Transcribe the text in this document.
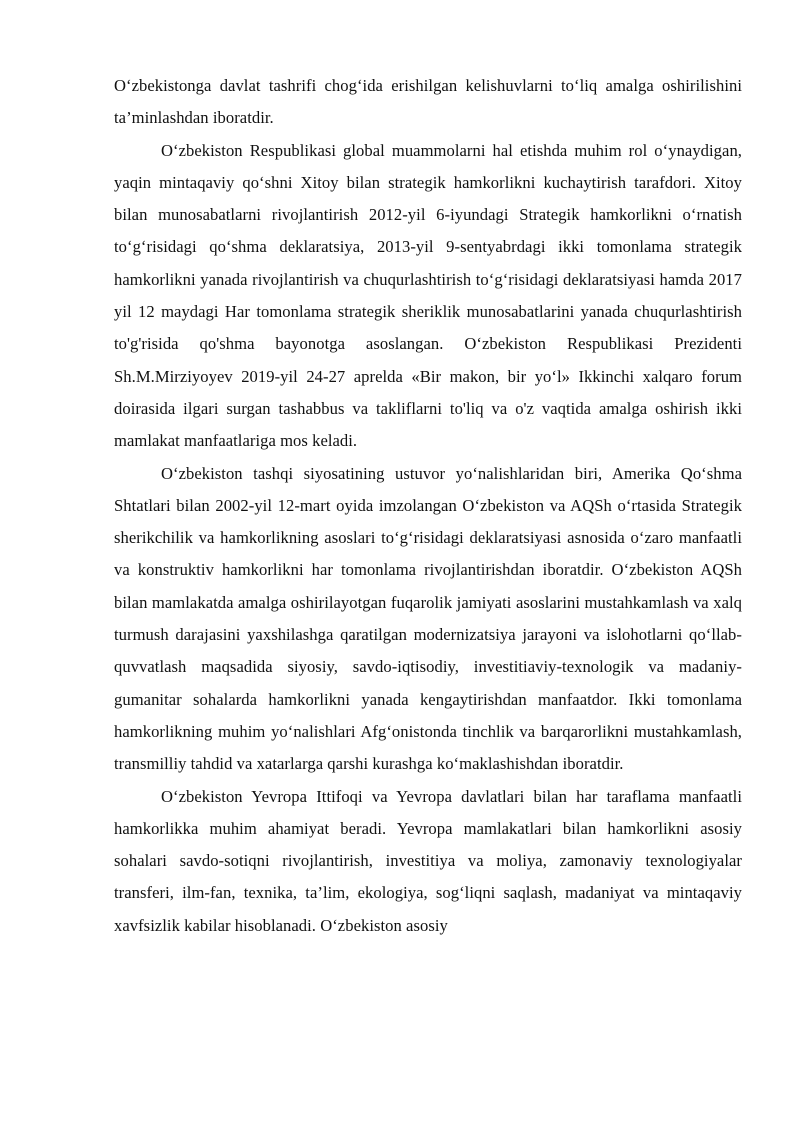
O‘zbekistonga davlat tashrifi chog‘ida erishilgan kelishuvlarni to‘liq amalga oshirilishini ta’minlashdan iboratdir.

O‘zbekiston Respublikasi global muammolarni hal etishda muhim rol o‘ynaydigan, yaqin mintaqaviy qo‘shni Xitoy bilan strategik hamkorlikni kuchaytirish tarafdori. Xitoy bilan munosabatlarni rivojlantirish 2012-yil 6-iyundagi Strategik hamkorlikni o‘rnatish to‘g‘risidagi qo‘shma deklaratsiya, 2013-yil 9-sentyabrdagi ikki tomonlama strategik hamkorlikni yanada rivojlantirish va chuqurlashtirish to‘g‘risidagi deklaratsiyasi hamda 2017 yil 12 maydagi Har tomonlama strategik sheriklik munosabatlarini yanada chuqurlashtirish to'g'risida qo'shma bayonotga asoslangan. O‘zbekiston Respublikasi Prezidenti Sh.M.Mirziyoyev 2019-yil 24-27 aprelda «Bir makon, bir yo‘l» Ikkinchi xalqaro forum doirasida ilgari surgan tashabbus va takliflarni to'liq va o'z vaqtida amalga oshirish ikki mamlakat manfaatlariga mos keladi.

O‘zbekiston tashqi siyosatining ustuvor yo‘nalishlaridan biri, Amerika Qo‘shma Shtatlari bilan 2002-yil 12-mart oyida imzolangan O‘zbekiston va AQSh o‘rtasida Strategik sherikchilik va hamkorlikning asoslari to‘g‘risidagi deklaratsiyasi asnosida o‘zaro manfaatli va konstruktiv hamkorlikni har tomonlama rivojlantirishdan iboratdir. O‘zbekiston AQSh bilan mamlakatda amalga oshirilayotgan fuqarolik jamiyati asoslarini mustahkamlash va xalq turmush darajasini yaxshilashga qaratilgan modernizatsiya jarayoni va islohotlarni qo‘llab-quvvatlash maqsadida siyosiy, savdo-iqtisodiy, investitiaviy-texnologik va madaniy-gumanitar sohalarda hamkorlikni yanada kengaytirishdan manfaatdor. Ikki tomonlama hamkorlikning muhim yo‘nalishlari Afg‘onistonda tinchlik va barqarorlikni mustahkamlash, transmilliy tahdid va xatarlarga qarshi kurashga ko‘maklashishdan iboratdir.

O‘zbekiston Yevropa Ittifoqi va Yevropa davlatlari bilan har taraflama manfaatli hamkorlikka muhim ahamiyat beradi. Yevropa mamlakatlari bilan hamkorlikni asosiy sohalari savdo-sotiqni rivojlantirish, investitiya va moliya, zamonaviy texnologiyalar transferi, ilm-fan, texnika, ta’lim, ekologiya, sog‘liqni saqlash, madaniyat va mintaqaviy xavfsizlik kabilar hisoblanadi. O‘zbekiston asosiy
